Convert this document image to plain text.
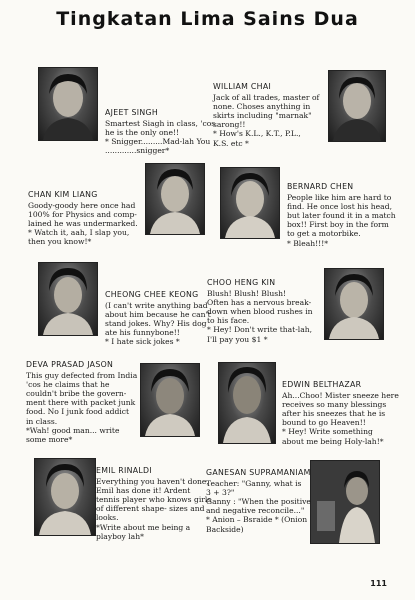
Tingkatan Lima Sains Dua
AJEET SINGH
Smartest Siagh in class, 'cos
he is the only one!!
* Snigger.........Mad-lah You
.............snigger*
WILLIAM CHAI
Jack of all trades, master of
none. Choses anything in
skirts including "marnak"
sarong!!
* How's K.L., K.T., P.L.,
K.S. etc *
CHAN KIM LIANG
Goody-goody here once had
100% for Physics and comp-
lained he was undermarked.
* Watch it, aah, I slap you,
then you know!*
BERNARD CHEN
People like him are hard to
find. He once lost his head,
but later found it in a match
box!! First boy in the form
to get a motorbike.
* Bleah!!!*
CHEONG CHEE KEONG
(I can't write anything bad
about him because he can't
stand jokes. Why? His dog
ate his funnybone!!
* I hate sick jokes *
CHOO HENG KIN
Blush! Blush! Blush!
Often has a nervous break-
down when blood rushes in
to his face.
* Hey! Don't write that-lah,
I'll pay you $1 *
DEVA PRASAD JASON
This guy defected from India
'cos he claims that he
couldn't bribe the govern-
ment there with packet junk
food. No I junk food addict
in class.
*Wah! good man... write
some more*
EDWIN BELTHAZAR
Ah...Choo! Mister sneeze here
receives so many blessings
after his sneezes that he is
bound to go Heaven!!
* Hey! Write something
about me being Holy-lah!*
EMIL RINALDI
Everything you haven't done,
Emil has done it! Ardent
tennis player who knows girls
of different shape- sizes and
looks.
*Write about me being a
playboy lah*
GANESAN SUPRAMANIAM
Teacher: "Ganny, what is
3 + 3?"
Ganny : "When the positive
and negative reconcile..."
* Anion – Bsraide * (Onion
Backside)
111
